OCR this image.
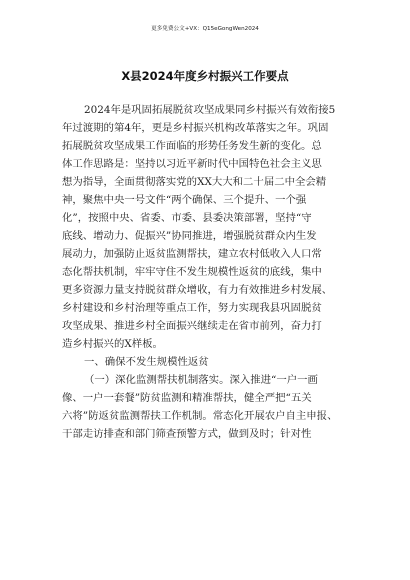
更多免费公文+VX：Q15eGongWen2024
X县2024年度乡村振兴工作要点
2024年是巩固拓展脱贫攻坚成果同乡村振兴有效衔接5
年过渡期的第4年，更是乡村振兴机构改革落实之年。巩固
拓展脱贫攻坚成果工作面临的形势任务发生新的变化。总
体工作思路是：坚持以习近平新时代中国特色社会主义思
想为指导，全面贯彻落实党的XX大大和二十届二中全会精
神，聚焦中央一号文件“两个确保、三个提升、一个强
化”，按照中央、省委、市委、县委决策部署，坚持“守
底线、增动力、促振兴”协同推进，增强脱贫群众内生发
展动力，加强防止返贫监测帮扶，建立农村低收入人口常
态化帮扶机制，牢牢守住不发生规模性返贫的底线，集中
更多资源力量支持脱贫群众增收，有力有效推进乡村发展、
乡村建设和乡村治理等重点工作，努力实现我县巩固脱贫
攻坚成果、推进乡村全面振兴继续走在省市前列，奋力打
造乡村振兴的X样板。
一、确保不发生规模性返贫
（一）深化监测帮扶机制落实。深入推进“一户一画
像、一户一套餐”防贫监测和精准帮扶，健全严把“五关
六将”防返贫监测帮扶工作机制。常态化开展农户自主申报、
干部走访排查和部门筛查预警方式，做到及时；针对性
